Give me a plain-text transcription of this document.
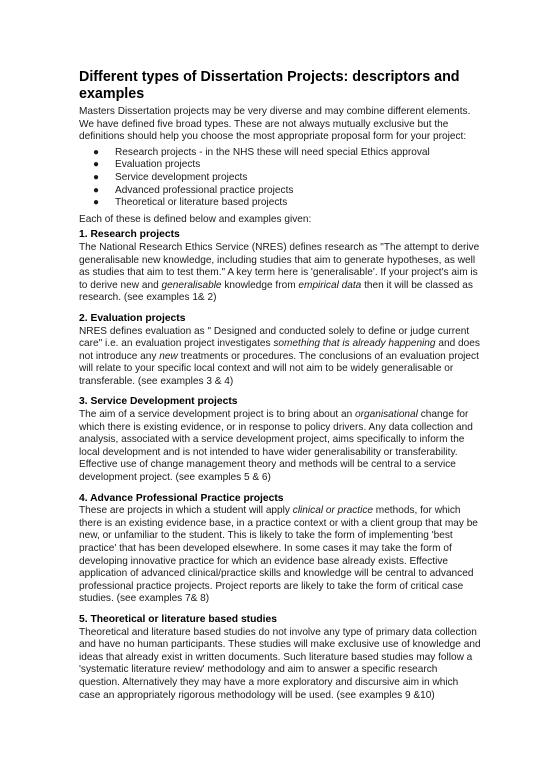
Different types of Dissertation Projects: descriptors and examples

Masters Dissertation projects may be very diverse and may combine different elements. We have defined five broad types. These are not always mutually exclusive but the definitions should help you choose the most appropriate proposal form for your project:

● Research projects - in the NHS these will need special Ethics approval
● Evaluation projects
● Service development projects
● Advanced professional practice projects
● Theoretical or literature based projects

Each of these is defined below and examples given:

1. Research projects

The National Research Ethics Service (NRES) defines research as "The attempt to derive generalisable new knowledge, including studies that aim to generate hypotheses, as well as studies that aim to test them." A key term here is 'generalisable'. If your project's aim is to derive new and generalisable knowledge from empirical data then it will be classed as research. (see examples 1& 2)

2. Evaluation projects

NRES defines evaluation as " Designed and conducted solely to define or judge current care" i.e. an evaluation project investigates something that is already happening and does not introduce any new treatments or procedures. The conclusions of an evaluation project will relate to your specific local context and will not aim to be widely generalisable or transferable. (see examples 3 & 4)

3. Service Development projects

The aim of a service development project is to bring about an organisational change for which there is existing evidence, or in response to policy drivers. Any data collection and analysis, associated with a service development project, aims specifically to inform the local development and is not intended to have wider generalisability or transferability. Effective use of change management theory and methods will be central to a service development project. (see examples 5 & 6)

4. Advance Professional Practice projects

These are projects in which a student will apply clinical or practice methods, for which there is an existing evidence base, in a practice context or with a client group that may be new, or unfamiliar to the student. This is likely to take the form of implementing 'best practice' that has been developed elsewhere. In some cases it may take the form of developing innovative practice for which an evidence base already exists. Effective application of advanced clinical/practice skills and knowledge will be central to advanced professional practice projects. Project reports are likely to take the form of critical case studies. (see examples 7& 8)

5. Theoretical or literature based studies

Theoretical and literature based studies do not involve any type of primary data collection and have no human participants. These studies will make exclusive use of knowledge and ideas that already exist in written documents. Such literature based studies may follow a 'systematic literature review' methodology and aim to answer a specific research question. Alternatively they may have a more exploratory and discursive aim in which case an appropriately rigorous methodology will be used. (see examples 9 &10)
